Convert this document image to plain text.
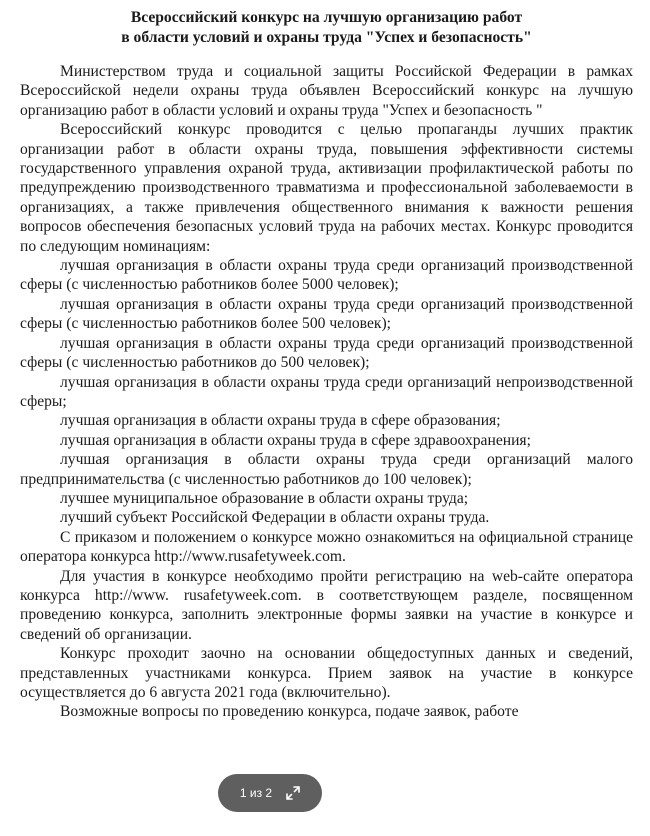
Всероссийский конкурс на лучшую организацию работ
в области условий и охраны труда "Успех и безопасность"

Министерством труда и социальной защиты Российской Федерации в рамках Всероссийской недели охраны труда объявлен Всероссийский конкурс на лучшую организацию работ в области условий и охраны труда "Успех и безопасность "

Всероссийский конкурс проводится с целью пропаганды лучших практик организации работ в области охраны труда, повышения эффективности системы государственного управления охраной труда, активизации профилактической работы по предупреждению производственного травматизма и профессиональной заболеваемости в организациях, а также привлечения общественного внимания к важности решения вопросов обеспечения безопасных условий труда на рабочих местах. Конкурс проводится по следующим номинациям:

лучшая организация в области охраны труда среди организаций производственной сферы (с численностью работников более 5000 человек);

лучшая организация в области охраны труда среди организаций производственной сферы (с численностью работников более 500 человек);

лучшая организация в области охраны труда среди организаций производственной сферы (с численностью работников до 500 человек);

лучшая организация в области охраны труда среди организаций непроизводственной сферы;

лучшая организация в области охраны труда в сфере образования;

лучшая организация в области охраны труда в сфере здравоохранения;

лучшая организация в области охраны труда среди организаций малого предпринимательства (с численностью работников до 100 человек);

лучшее муниципальное образование в области охраны труда;

лучший субъект Российской Федерации в области охраны труда.

С приказом и положением о конкурсе можно ознакомиться на официальной странице оператора конкурса http://www.rusafetyweek.com.

Для участия в конкурсе необходимо пройти регистрацию на web-сайте оператора конкурса http://www. rusafetyweek.com. в соответствующем разделе, посвященном проведению конкурса, заполнить электронные формы заявки на участие в конкурсе и сведений об организации.

Конкурс проходит заочно на основании общедоступных данных и сведений, представленных участниками конкурса. Прием заявок на участие в конкурсе осуществляется до 6 августа 2021 года (включительно).

Возможные вопросы по проведению конкурса, подаче заявок, работе

1 из 2
